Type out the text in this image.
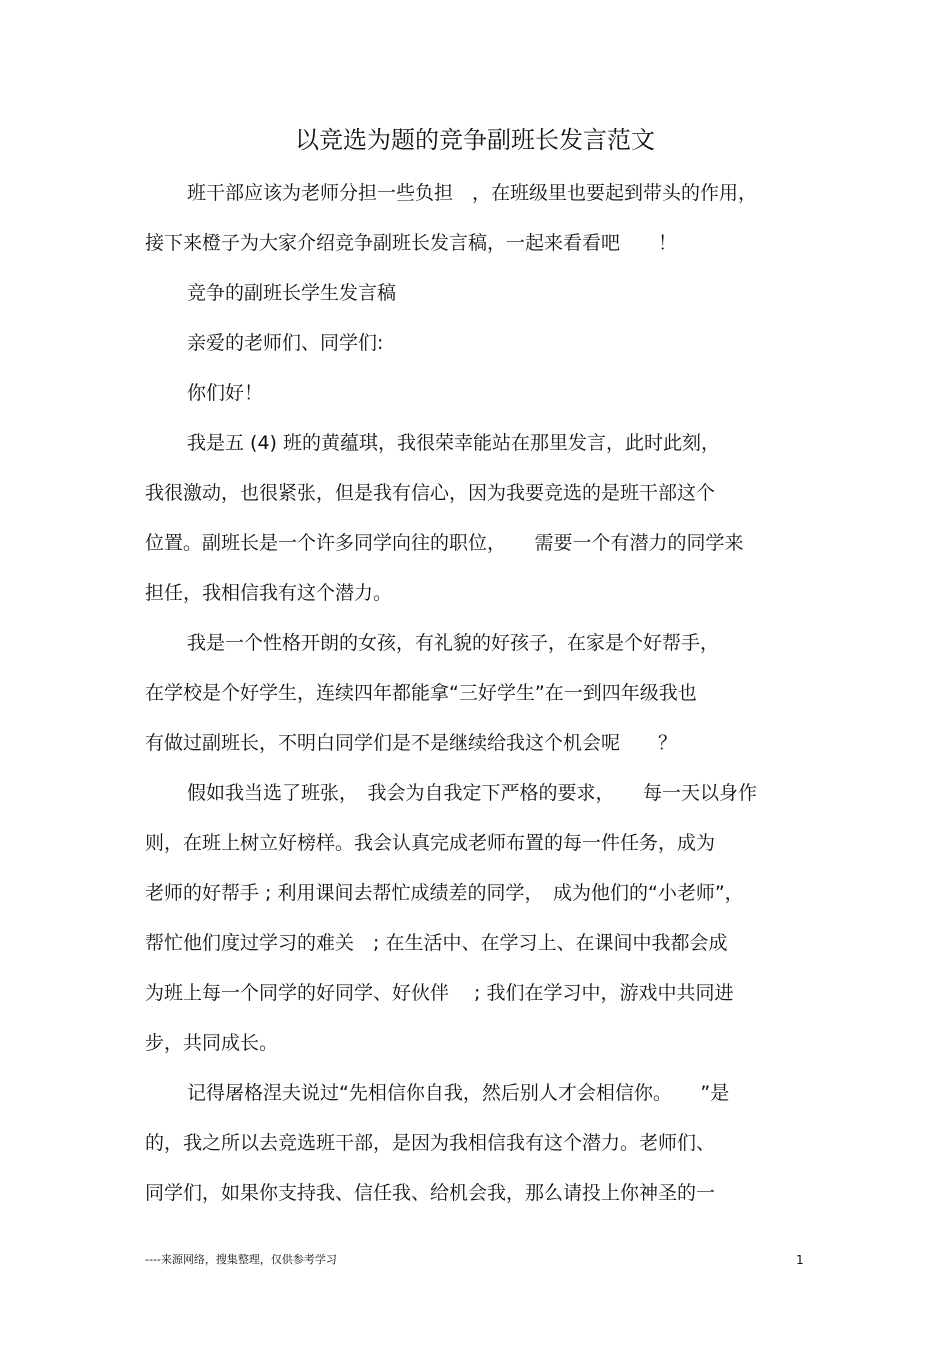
以竞选为题的竞争副班长发言范文
班干部应该为老师分担一些负担　，在班级里也要起到带头的作用，
接下来橙子为大家介绍竞争副班长发言稿，一起来看看吧　　！
竞争的副班长学生发言稿
亲爱的老师们、同学们:
你们好！
我是五 (4) 班的黄蕴琪，我很荣幸能站在那里发言，此时此刻，
我很激动，也很紧张，但是我有信心，因为我要竞选的是班干部这个
位置。副班长是一个许多同学向往的职位，　　需要一个有潜力的同学来
担任，我相信我有这个潜力。
我是一个性格开朗的女孩，有礼貌的好孩子，在家是个好帮手，
在学校是个好学生，连续四年都能拿“三好学生”在一到四年级我也
有做过副班长，不明白同学们是不是继续给我这个机会呢　　？
假如我当选了班张，　我会为自我定下严格的要求，　　每一天以身作
则，在班上树立好榜样。我会认真完成老师布置的每一件任务，成为
老师的好帮手 ; 利用课间去帮忙成绩差的同学，　成为他们的“小老师”，
帮忙他们度过学习的难关　; 在生活中、在学习上、在课间中我都会成
为班上每一个同学的好同学、好伙伴　 ; 我们在学习中，游戏中共同进
步，共同成长。
记得屠格涅夫说过“先相信你自我，然后别人才会相信你。　　”是
的，我之所以去竞选班干部，是因为我相信我有这个潜力。老师们、
同学们，如果你支持我、信任我、给机会我，那么请投上你神圣的一
----来源网络，搜集整理，仅供参考学习	1
